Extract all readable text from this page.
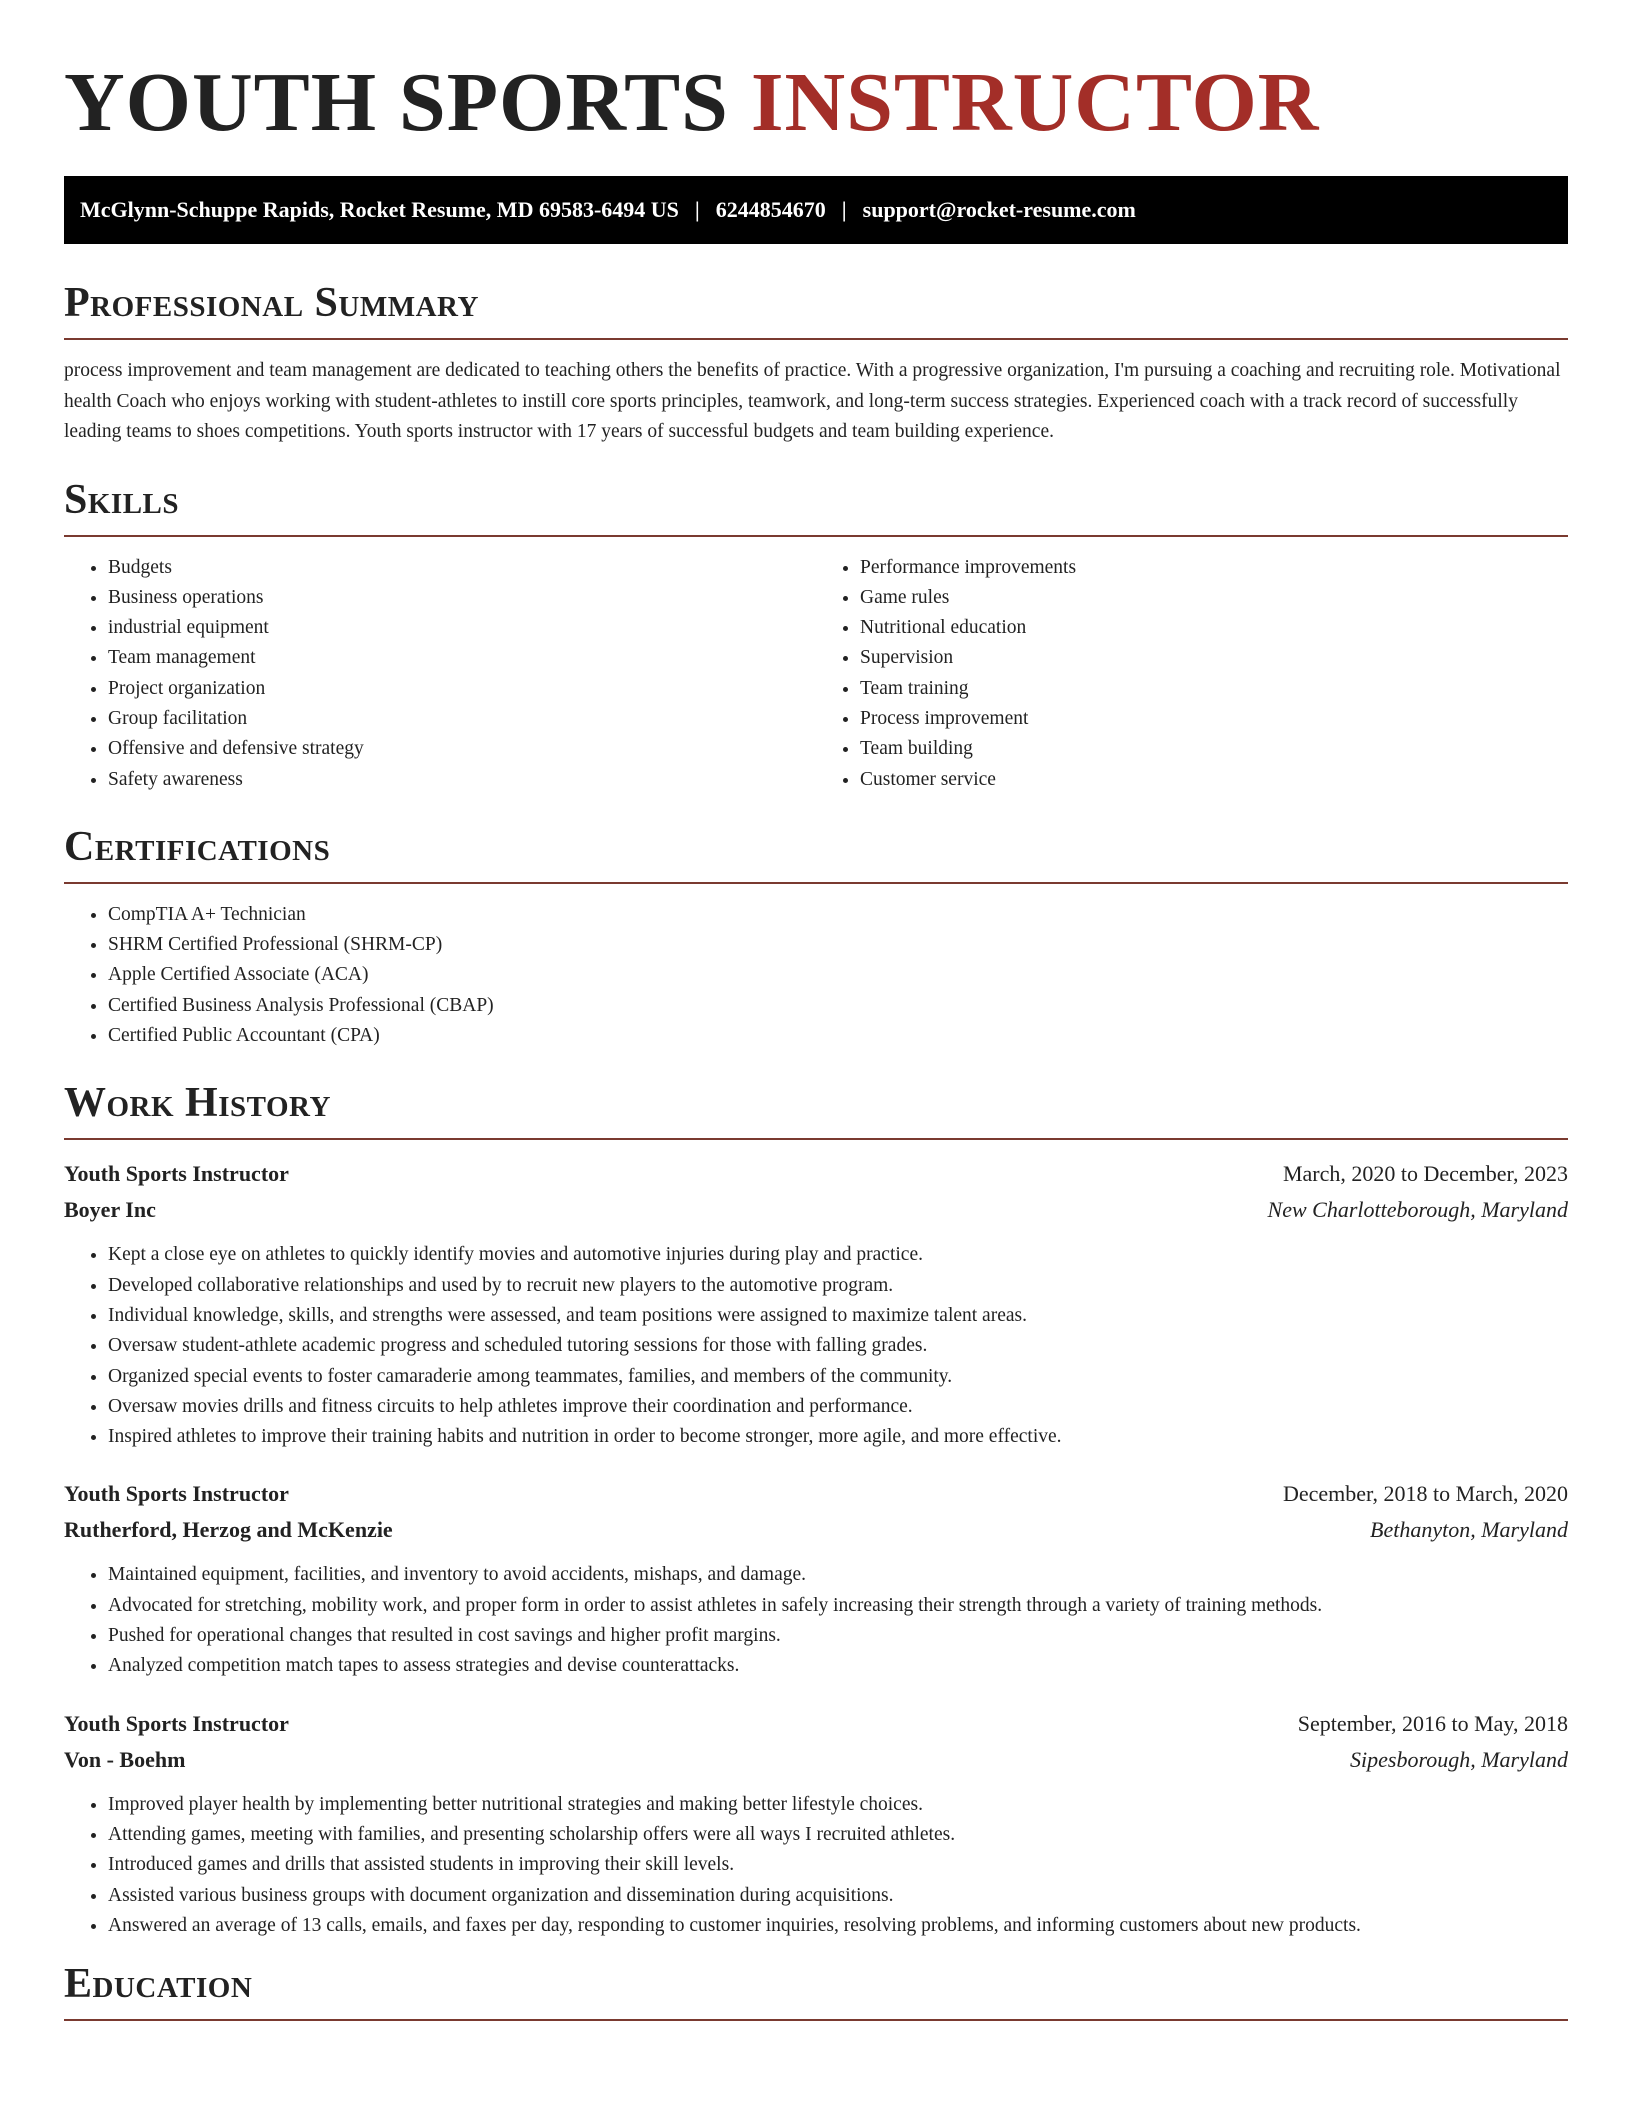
YOUTH SPORTS INSTRUCTOR
McGlynn-Schuppe Rapids, Rocket Resume, MD 69583-6494 US | 6244854670 | support@rocket-resume.com
Professional Summary

process improvement and team management are dedicated to teaching others the benefits of practice. With a progressive organization, I'm pursuing a coaching and recruiting role. Motivational health Coach who enjoys working with student-athletes to instill core sports principles, teamwork, and long-term success strategies. Experienced coach with a track record of successfully leading teams to shoes competitions. Youth sports instructor with 17 years of successful budgets and team building experience.

Skills
• Budgets
• Business operations
• industrial equipment
• Team management
• Project organization
• Group facilitation
• Offensive and defensive strategy
• Safety awareness
• Performance improvements
• Game rules
• Nutritional education
• Supervision
• Team training
• Process improvement
• Team building
• Customer service
Certifications
• CompTIA A+ Technician
• SHRM Certified Professional (SHRM-CP)
• Apple Certified Associate (ACA)
• Certified Business Analysis Professional (CBAP)
• Certified Public Accountant (CPA)
Work History
Youth Sports Instructor	March, 2020 to December, 2023
Boyer Inc	New Charlotteborough, Maryland
• Kept a close eye on athletes to quickly identify movies and automotive injuries during play and practice.
• Developed collaborative relationships and used by to recruit new players to the automotive program.
• Individual knowledge, skills, and strengths were assessed, and team positions were assigned to maximize talent areas.
• Oversaw student-athlete academic progress and scheduled tutoring sessions for those with falling grades.
• Organized special events to foster camaraderie among teammates, families, and members of the community.
• Oversaw movies drills and fitness circuits to help athletes improve their coordination and performance.
• Inspired athletes to improve their training habits and nutrition in order to become stronger, more agile, and more effective.
Youth Sports Instructor	December, 2018 to March, 2020
Rutherford, Herzog and McKenzie	Bethanyton, Maryland
• Maintained equipment, facilities, and inventory to avoid accidents, mishaps, and damage.
• Advocated for stretching, mobility work, and proper form in order to assist athletes in safely increasing their strength through a variety of training methods.
• Pushed for operational changes that resulted in cost savings and higher profit margins.
• Analyzed competition match tapes to assess strategies and devise counterattacks.
Youth Sports Instructor	September, 2016 to May, 2018
Von - Boehm	Sipesborough, Maryland
• Improved player health by implementing better nutritional strategies and making better lifestyle choices.
• Attending games, meeting with families, and presenting scholarship offers were all ways I recruited athletes.
• Introduced games and drills that assisted students in improving their skill levels.
• Assisted various business groups with document organization and dissemination during acquisitions.
• Answered an average of 13 calls, emails, and faxes per day, responding to customer inquiries, resolving problems, and informing customers about new products.
Education
